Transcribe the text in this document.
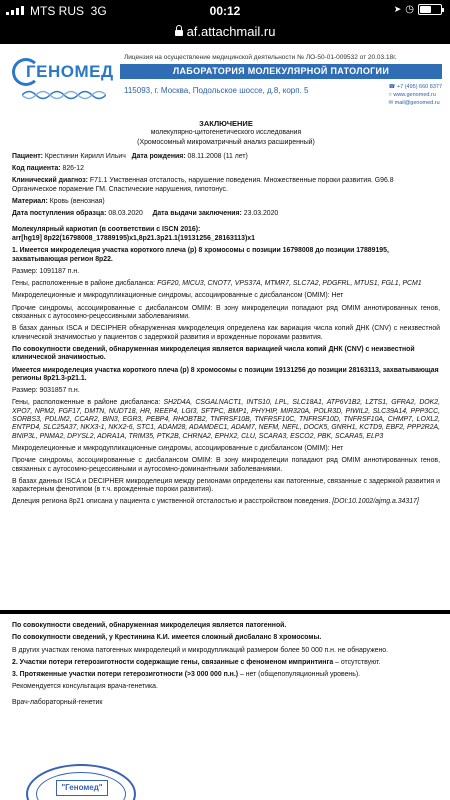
MTS RUS 3G	00:12	➤ ◷
af.attachmail.ru
ГЕНОМЕД
Лицензия на осуществление медицинской деятельности № ЛО-50-01-009532 от 20.03.18г.
ЛАБОРАТОРИЯ МОЛЕКУЛЯРНОЙ ПАТОЛОГИИ
115093, г. Москва, Подольское шоссе, д.8, корп. 5	☎ +7 (495) 660 8377
○ www.genomed.ru
✉ mail@genomed.ru

ЗАКЛЮЧЕНИЕ

молекулярно-цитогенетического исследования

(Хромосомный микроматричный анализ расширенный)

Пациент: Крестинин Кирилл Ильич Дата рождения: 08.11.2008 (11 лет)

Код пациента: 826-12

Клинический диагноз: F71.1 Умственная отсталость, нарушение поведения. Множественные пороки развития. G96.8 Органическое поражение ГМ. Спастические нарушения, гипотонус.

Материал: Кровь (венозная)

Дата поступления образца: 08.03.2020 Дата выдачи заключения: 23.03.2020

Молекулярный кариотип (в соответствии с ISCN 2016):

arr[hg19] 8p22(16798008_17889195)x1,8p21.3p21.1(19131256_28163113)x1

1. Имеется микроделеция участка короткого плеча (p) 8 хромосомы с позиции 16798008 до позиции 17889195, захватывающая регион 8p22.

Размер: 1091187 п.н.

Гены, расположенные в районе дисбаланса: FGF20, MICU3, CNOT7, VPS37A, MTMR7, SLC7A2, PDGFRL, MTUS1, FGL1, PCM1

Микроделеционные и микродупликационные синдромы, ассоциированные с дисбалансом (OMIM): Нет

Прочие синдромы, ассоциированные с дисбалансом OMIM: В зону микроделеции попадают ряд OMIM аннотированных генов, связанных с аутосомно-рецессивными заболеваниями.

В базах данных ISCA и DECIPHER обнаруженная микроделеция определена как вариация числа копий ДНК (CNV) с неизвестной клинической значимостью у пациентов с задержкой развития и врожденные пороками развития.

По совокупности сведений, обнаруженная микроделеция является вариацией числа копий ДНК (CNV) с неизвестной клинической значимостью.

Имеется микроделеция участка короткого плеча (p) 8 хромосомы с позиции 19131256 до позиции 28163113, захватывающая регионы 8p21.3-p21.1.

Размер: 9031857 п.н.

Гены, расположенные в районе дисбаланса: SH2D4A, CSGALNACT1, INTS10, LPL, SLC18A1, ATP6V1B2, LZTS1, GFRA2, DOK2, XPO7, NPM2, FGF17, DMTN, NUDT18, HR, REEP4, LGI3, SFTPC, BMP1, PHYHIP, MIR320A, POLR3D, PIWIL2, SLC39A14, PPP3CC, SORBS3, PDLIM2, CCAR2, BIN3, EGR3, PEBP4, RHOBTB2, TNFRSF10B, TNFRSF10C, TNFRSF10D, TNFRSF10A, CHMP7, LOXL2, ENTPD4, SLC25A37, NKX3-1, NKX2-6, STC1, ADAM28, ADAMDEC1, ADAM7, NEFM, NEFL, DOCK5, GNRH1, KCTD9, EBF2, PPP2R2A, BNIP3L, PNMA2, DPYSL2, ADRA1A, TRIM35, PTK2B, CHRNA2, EPHX2, CLU, SCARA3, ESCO2, PBK, SCARA5, ELP3

Микроделеционные и микродупликационные синдромы, ассоциированные с дисбалансом (OMIM): Нет

Прочие синдромы, ассоциированные с дисбалансом OMIM: В зону микроделеции попадают ряд OMIM аннотированных генов, связанных с аутосомно-рецессивными и аутосомно-доминантными заболеваниями.

В базах данных ISCA и DECIPHER микроделеция между регионами определены как патогенные, связанные с задержкой развития и характерным фенотипом (в т.ч. врожденные пороки развития).

Делеция региона 8p21 описана у пациента с умственной отсталостью и расстройством поведения. [DOI:10.1002/ajmg.a.34317]

По совокупности сведений, обнаруженная микроделеция является патогенной.

По совокупности сведений, у Крестинина К.И. имеется сложный дисбаланс 8 хромосомы.

В других участках генома патогенных микроделеций и микродупликаций размером более 50 000 п.н. не обнаружено.

2. Участки потери гетерозиготности содержащие гены, связанные с феноменом импринтинга – отсутствуют.

3. Протяженные участки потери гетерозиготности (>3 000 000 п.н.) – нет (общепопуляционный уровень).

Рекомендуется консультация врача-генетика.

Врач-лабораторный-генетик

"Геномед"
